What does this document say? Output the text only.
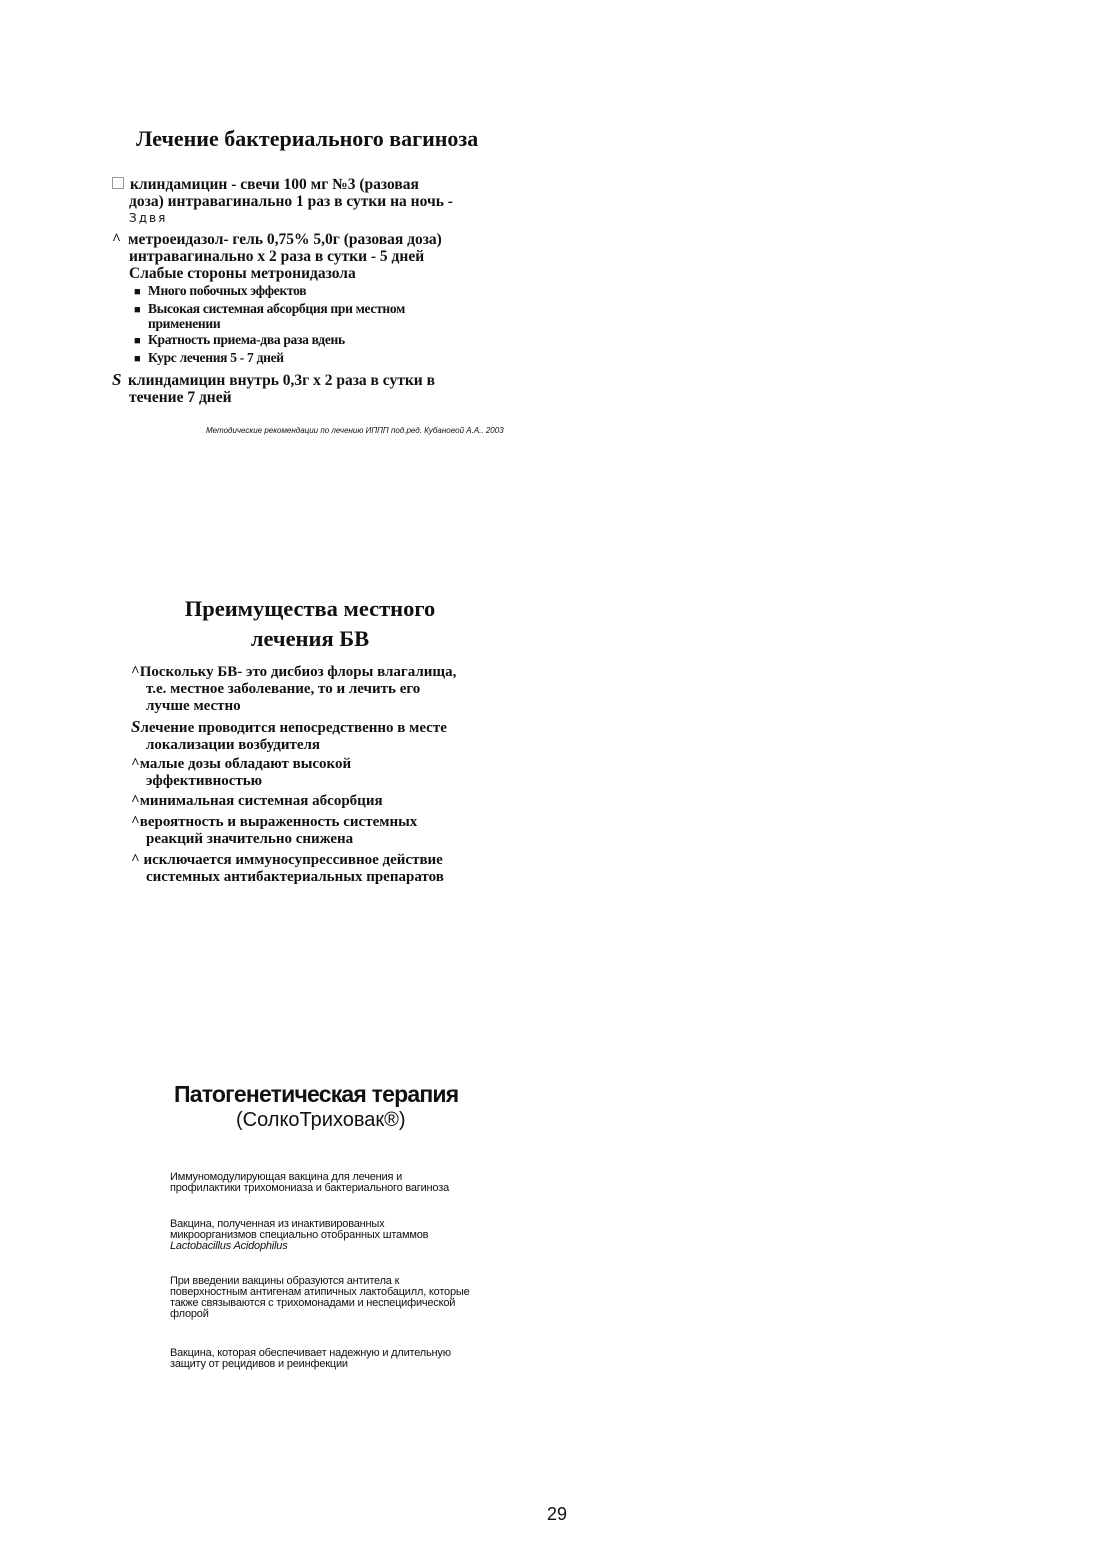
Лечение бактериального вагиноза
клиндамицин - свечи 100 мг №3 (разовая
доза) интравагинально 1 раз в сутки на ночь -
Здвя
^ метроеидазол- гель 0,75% 5,0г (разовая доза)
интравагинально х 2 раза в сутки - 5 дней
Слабые стороны метронидазола
■ Много побочных эффектов
■ Высокая системная абсорбция при местном
применении
■ Кратность приема-два раза вдень
■ Курс лечения 5 - 7 дней
S клиндамицин внутрь 0,3г х 2 раза в сутки в
течение 7 дней
Методические рекомендации по лечению ИППП под.ред. Кубаноеой А.А.. 2003
Преимущества местного
лечения БВ
^Поскольку БВ- это дисбиоз флоры влагалища,
т.е. местное заболевание, то и лечить его
лучше местно
Sлечение проводится непосредственно в месте
локализации возбудителя
^малые дозы обладают высокой
эффективностью
^минимальная системная абсорбция
^вероятность и выраженность системных
реакций значительно снижена
^ исключается иммуносупрессивное действие
системных антибактериальных препаратов
Патогенетическая терапия
(СолкоТриховак®)
Иммуномодулирующая вакцина для лечения и
профилактики трихомониаза и бактериального вагиноза
Вакцина, полученная из инактивированных
микроорганизмов специально отобранных штаммов
Lactobacillus Acidophilus
При введении вакцины образуются антитела к
поверхностным антигенам атипичных лактобацилл, которые
также связываются с трихомонадами и неспецифической
флорой
Вакцина, которая обеспечивает надежную и длительную
защиту от рецидивов и реинфекции
29
